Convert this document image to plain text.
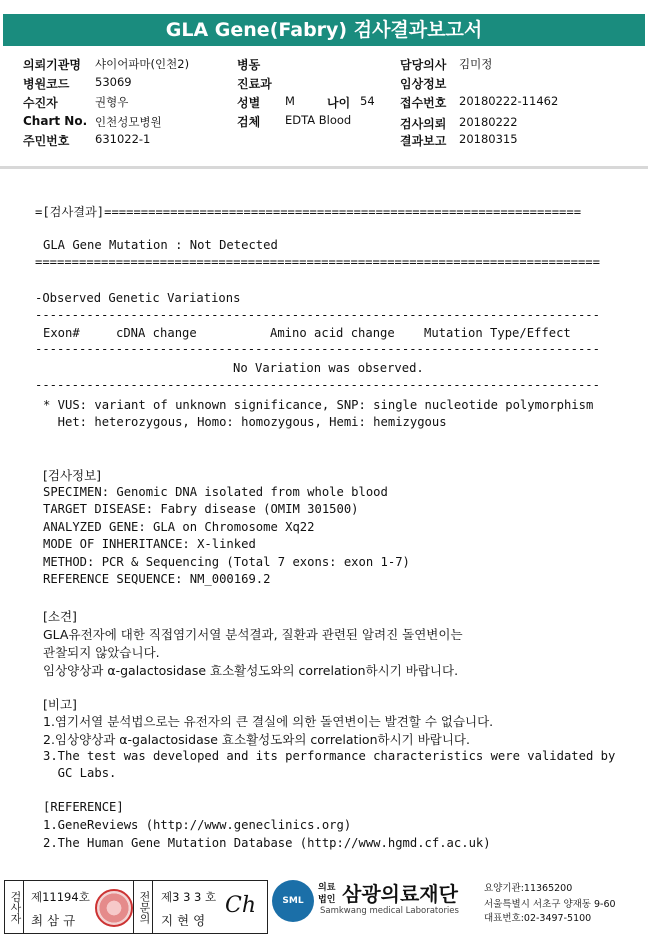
GLA Gene(Fabry) 검사결과보고서
의뢰기관명 샤이어파마(인천2)
병원코드 53069
수진자	권형우
Chart No. 인천성모병원
주민번호 631022-1
병동
진료과
성별 M	나이 54
검체 EDTA Blood
담당의사 김미정
임상정보
접수번호 20180222-11462
검사의뢰 20180222
결과보고 20180315
=[검사결과]=================================================================
GLA Gene Mutation : Not Detected
=============================================================================
-Observed Genetic Variations
-----------------------------------------------------------------------------
Exon#	cDNA change	Amino acid change Mutation Type/Effect
-----------------------------------------------------------------------------
No Variation was observed.
-----------------------------------------------------------------------------
* VUS: variant of unknown significance, SNP: single nucleotide polymorphism
Het: heterozygous, Homo: homozygous, Hemi: hemizygous
[검사정보]
SPECIMEN: Genomic DNA isolated from whole blood
TARGET DISEASE: Fabry disease (OMIM 301500)
ANALYZED GENE: GLA on Chromosome Xq22
MODE OF INHERITANCE: X-linked
METHOD: PCR & Sequencing (Total 7 exons: exon 1-7)
REFERENCE SEQUENCE: NM_000169.2
[소견]
GLA유전자에 대한 직접염기서열 분석결과, 질환과 관련된 알려진 돌연변이는
관찰되지 않았습니다.
임상양상과 α-galactosidase 효소활성도와의 correlation하시기 바랍니다.
[비고]
1.염기서열 분석법으로는 유전자의 큰 결실에 의한 돌연변이는 발견할 수 없습니다.
2.임상양상과 α-galactosidase 효소활성도와의 correlation하시기 바랍니다.
3.The test was developed and its performance characteristics were validated by
GC Labs.
[REFERENCE]
1.GeneReviews (http://www.geneclinics.org)
2.The Human Gene Mutation Database (http://www.hgmd.cf.ac.uk)
검사자 제11194호
최 삼 규	전문의 제3 3 3 호
지 현 영
Ch	SML
의료
법인 삼광의료재단
Samkwang medical Laboratories
요양기관:11365200
서울특별시 서초구 양재동 9-60
대표번호:02-3497-5100
